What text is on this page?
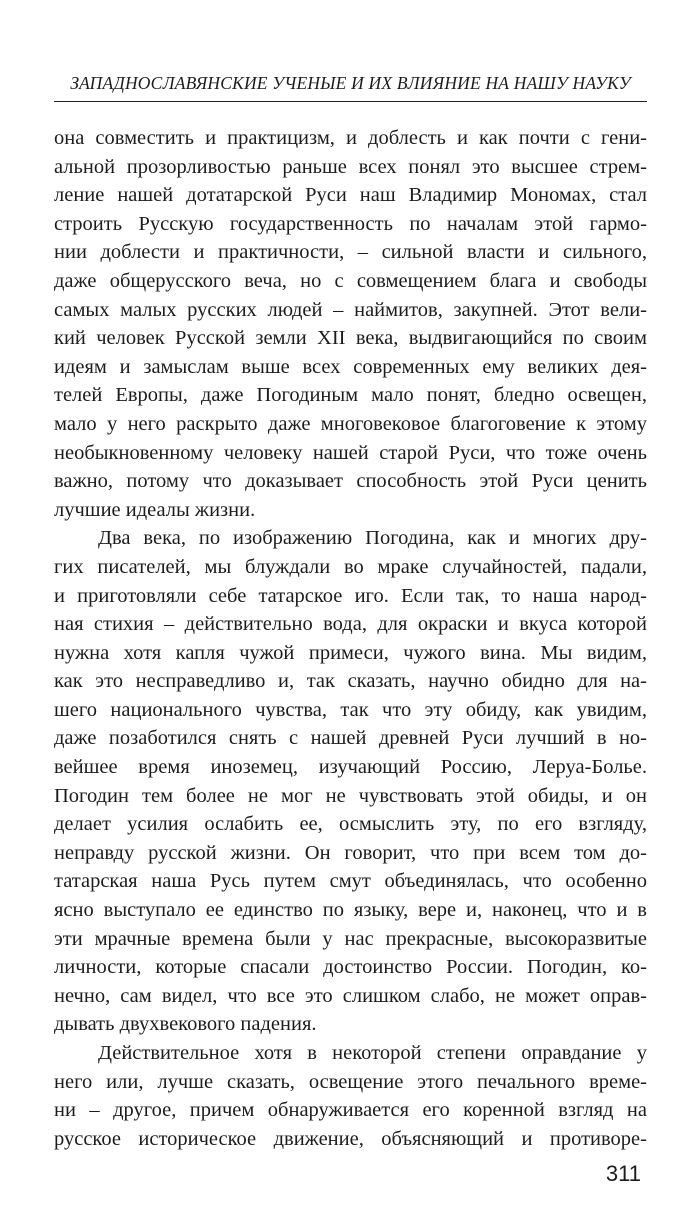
ЗАПАДНОСЛАВЯНСКИЕ УЧЕНЫЕ И ИХ ВЛИЯНИЕ НА НАШУ НАУКУ

она совместить и практицизм, и доблесть и как почти с гени-
альной прозорливостью раньше всех понял это высшее стрем-
ление нашей дотатарской Руси наш Владимир Мономах, стал
строить Русскую государственность по началам этой гармо-
нии доблести и практичности, – сильной власти и сильного,
даже общерусского веча, но с совмещением блага и свободы
самых малых русских людей – наймитов, закупней. Этот вели-
кий человек Русской земли XII века, выдвигающийся по своим
идеям и замыслам выше всех современных ему великих дея-
телей Европы, даже Погодиным мало понят, бледно освещен,
мало у него раскрыто даже многовековое благоговение к этому
необыкновенному человеку нашей старой Руси, что тоже очень
важно, потому что доказывает способность этой Руси ценить
лучшие идеалы жизни.

Два века, по изображению Погодина, как и многих дру-
гих писателей, мы блуждали во мраке случайностей, падали,
и приготовляли себе татарское иго. Если так, то наша народ-
ная стихия – действительно вода, для окраски и вкуса которой
нужна хотя капля чужой примеси, чужого вина. Мы видим,
как это несправедливо и, так сказать, научно обидно для на-
шего национального чувства, так что эту обиду, как увидим,
даже позаботился снять с нашей древней Руси лучший в но-
вейшее время иноземец, изучающий Россию, Леруа-Болье.
Погодин тем более не мог не чувствовать этой обиды, и он
делает усилия ослабить ее, осмыслить эту, по его взгляду,
неправду русской жизни. Он говорит, что при всем том до-
татарская наша Русь путем смут объединялась, что особенно
ясно выступало ее единство по языку, вере и, наконец, что и в
эти мрачные времена были у нас прекрасные, высокоразвитые
личности, которые спасали достоинство России. Погодин, ко-
нечно, сам видел, что все это слишком слабо, не может оправ-
дывать двухвекового падения.

Действительное хотя в некоторой степени оправдание у
него или, лучше сказать, освещение этого печального време-
ни – другое, причем обнаруживается его коренной взгляд на
русское историческое движение, объясняющий и противоре-

311
